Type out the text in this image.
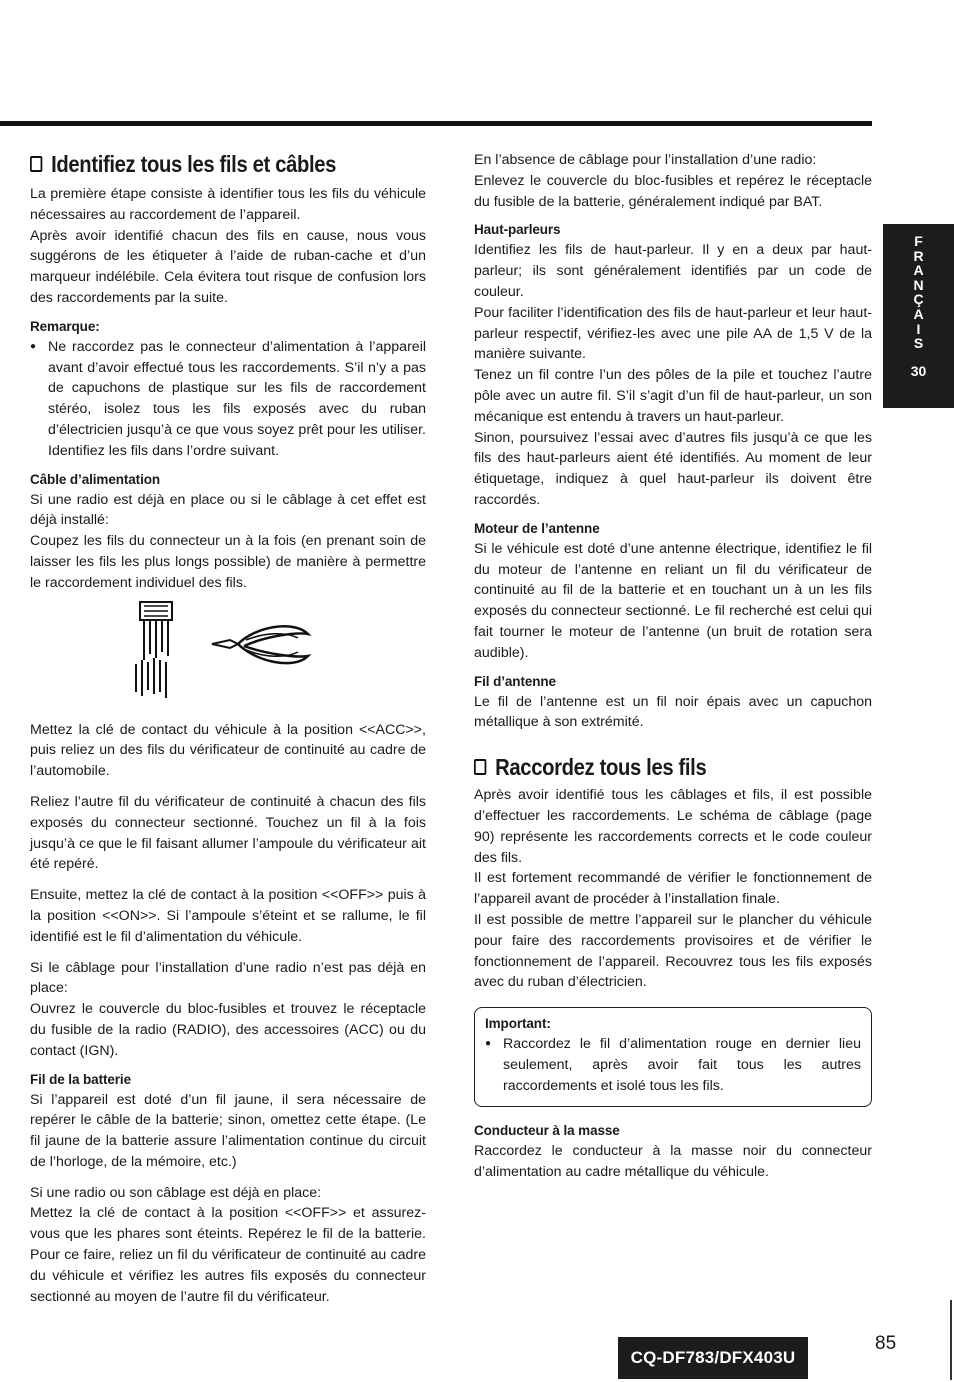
Identifiez tous les fils et câbles

La première étape consiste à identifier tous les fils du véhicule nécessaires au raccordement de l’appareil.

Après avoir identifié chacun des fils en cause, nous vous suggérons de les étiqueter à l’aide de ruban-cache et d’un marqueur indélébile. Cela évitera tout risque de confusion lors des raccordements par la suite.

Remarque:
● Ne raccordez pas le connecteur d’alimentation à l’appareil avant d’avoir effectué tous les raccordements. S’il n’y a pas de capuchons de plastique sur les fils de raccordement stéréo, isolez tous les fils exposés avec du ruban d’électricien jusqu’à ce que vous soyez prêt pour les utiliser. Identifiez les fils dans l’ordre suivant.
Câble d’alimentation

Si une radio est déjà en place ou si le câblage à cet effet est déjà installé:

Coupez les fils du connecteur un à la fois (en prenant soin de laisser les fils les plus longs possible) de manière à permettre le raccordement individuel des fils.

Mettez la clé de contact du véhicule à la position <<ACC>>, puis reliez un des fils du vérificateur de continuité au cadre de l’automobile.

Reliez l’autre fil du vérificateur de continuité à chacun des fils exposés du connecteur sectionné. Touchez un fil à la fois jusqu’à ce que le fil faisant allumer l’ampoule du vérificateur ait été repéré.

Ensuite, mettez la clé de contact à la position <<OFF>> puis à la position <<ON>>. Si l’ampoule s’éteint et se rallume, le fil identifié est le fil d’alimentation du véhicule.

Si le câblage pour l’installation d’une radio n’est pas déjà en place:

Ouvrez le couvercle du bloc-fusibles et trouvez le réceptacle du fusible de la radio (RADIO), des accessoires (ACC) ou du contact (IGN).

Fil de la batterie

Si l’appareil est doté d’un fil jaune, il sera nécessaire de repérer le câble de la batterie; sinon, omettez cette étape. (Le fil jaune de la batterie assure l’alimentation continue du circuit de l’horloge, de la mémoire, etc.)

Si une radio ou son câblage est déjà en place:

Mettez la clé de contact à la position <<OFF>> et assurez-vous que les phares sont éteints. Repérez le fil de la batterie. Pour ce faire, reliez un fil du vérificateur de continuité au cadre du véhicule et vérifiez les autres fils exposés du connecteur sectionné au moyen de l’autre fil du vérificateur.

En l’absence de câblage pour l’installation d’une radio:

Enlevez le couvercle du bloc-fusibles et repérez le réceptacle du fusible de la batterie, généralement indiqué par BAT.

Haut-parleurs

Identifiez les fils de haut-parleur. Il y en a deux par haut-parleur; ils sont généralement identifiés par un code de couleur.

Pour faciliter l’identification des fils de haut-parleur et leur haut-parleur respectif, vérifiez-les avec une pile AA de 1,5 V de la manière suivante.

Tenez un fil contre l’un des pôles de la pile et touchez l’autre pôle avec un autre fil. S’il s’agit d’un fil de haut-parleur, un son mécanique est entendu à travers un haut-parleur.

Sinon, poursuivez l’essai avec d’autres fils jusqu’à ce que les fils des haut-parleurs aient été identifiés. Au moment de leur étiquetage, indiquez à quel haut-parleur ils doivent être raccordés.

Moteur de l’antenne

Si le véhicule est doté d’une antenne électrique, identifiez le fil du moteur de l’antenne en reliant un fil du vérificateur de continuité au fil de la batterie et en touchant un à un les fils exposés du connecteur sectionné. Le fil recherché est celui qui fait tourner le moteur de l’antenne (un bruit de rotation sera audible).

Fil d’antenne

Le fil de l’antenne est un fil noir épais avec un capuchon métallique à son extrémité.

Raccordez tous les fils

Après avoir identifié tous les câblages et fils, il est possible d’effectuer les raccordements. Le schéma de câblage (page 90) représente les raccordements corrects et le code couleur des fils.

Il est fortement recommandé de vérifier le fonctionnement de l’appareil avant de procéder à l’installation finale.

Il est possible de mettre l’appareil sur le plancher du véhicule pour faire des raccordements provisoires et de vérifier le fonctionnement de l’appareil. Recouvrez tous les fils exposés avec du ruban d’électricien.

Important:
● Raccordez le fil d’alimentation rouge en dernier lieu seulement, après avoir fait tous les autres raccordements et isolé tous les fils.
Conducteur à la masse

Raccordez le conducteur à la masse noir du connecteur d’alimentation au cadre métallique du véhicule.

F
R
A
N
Ç
A
I
S
30
CQ-DF783/DFX403U
85
